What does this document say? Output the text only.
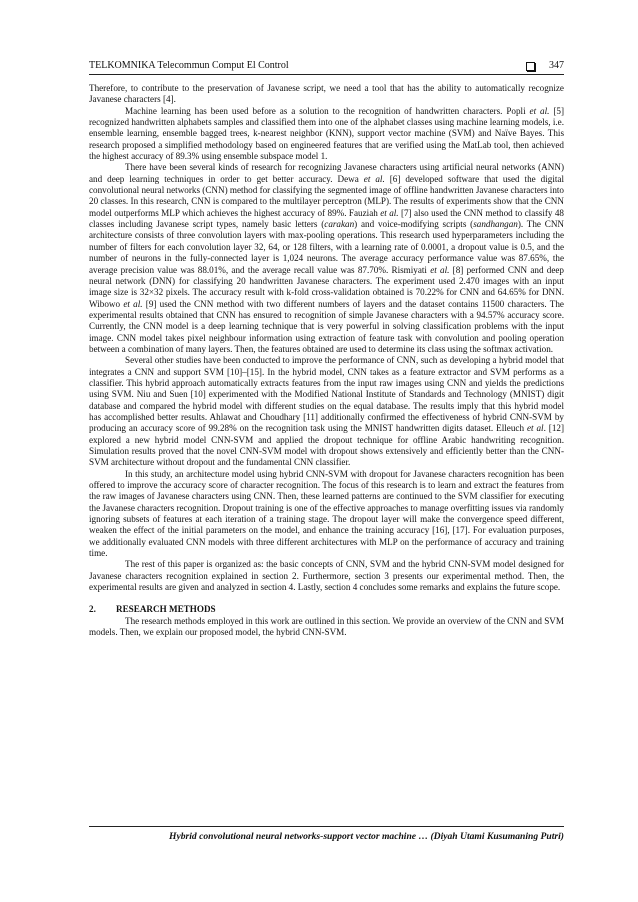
TELKOMNIKA Telecommun Comput El Control	347

Therefore, to contribute to the preservation of Javanese script, we need a tool that has the ability to automatically recognize Javanese characters [4].

Machine learning has been used before as a solution to the recognition of handwritten characters. Popli et al. [5] recognized handwritten alphabets samples and classified them into one of the alphabet classes using machine learning models, i.e. ensemble learning, ensemble bagged trees, k-nearest neighbor (KNN), support vector machine (SVM) and Naïve Bayes. This research proposed a simplified methodology based on engineered features that are verified using the MatLab tool, then achieved the highest accuracy of 89.3% using ensemble subspace model 1.

There have been several kinds of research for recognizing Javanese characters using artificial neural networks (ANN) and deep learning techniques in order to get better accuracy. Dewa et al. [6] developed software that used the digital convolutional neural networks (CNN) method for classifying the segmented image of offline handwritten Javanese characters into 20 classes. In this research, CNN is compared to the multilayer perceptron (MLP). The results of experiments show that the CNN model outperforms MLP which achieves the highest accuracy of 89%. Fauziah et al. [7] also used the CNN method to classify 48 classes including Javanese script types, namely basic letters (carakan) and voice-modifying scripts (sandhangan). The CNN architecture consists of three convolution layers with max-pooling operations. This research used hyperparameters including the number of filters for each convolution layer 32, 64, or 128 filters, with a learning rate of 0.0001, a dropout value is 0.5, and the number of neurons in the fully-connected layer is 1,024 neurons. The average accuracy performance value was 87.65%, the average precision value was 88.01%, and the average recall value was 87.70%. Rismiyati et al. [8] performed CNN and deep neural network (DNN) for classifying 20 handwritten Javanese characters. The experiment used 2.470 images with an input image size is 32×32 pixels. The accuracy result with k-fold cross-validation obtained is 70.22% for CNN and 64.65% for DNN. Wibowo et al. [9] used the CNN method with two different numbers of layers and the dataset contains 11500 characters. The experimental results obtained that CNN has ensured to recognition of simple Javanese characters with a 94.57% accuracy score. Currently, the CNN model is a deep learning technique that is very powerful in solving classification problems with the input image. CNN model takes pixel neighbour information using extraction of feature task with convolution and pooling operation between a combination of many layers. Then, the features obtained are used to determine its class using the softmax activation.

Several other studies have been conducted to improve the performance of CNN, such as developing a hybrid model that integrates a CNN and support SVM [10]–[15]. In the hybrid model, CNN takes as a feature extractor and SVM performs as a classifier. This hybrid approach automatically extracts features from the input raw images using CNN and yields the predictions using SVM. Niu and Suen [10] experimented with the Modified National Institute of Standards and Technology (MNIST) digit database and compared the hybrid model with different studies on the equal database. The results imply that this hybrid model has accomplished better results. Ahlawat and Choudhary [11] additionally confirmed the effectiveness of hybrid CNN-SVM by producing an accuracy score of 99.28% on the recognition task using the MNIST handwritten digits dataset. Elleuch et al. [12] explored a new hybrid model CNN-SVM and applied the dropout technique for offline Arabic handwriting recognition. Simulation results proved that the novel CNN-SVM model with dropout shows extensively and efficiently better than the CNN-SVM architecture without dropout and the fundamental CNN classifier.

In this study, an architecture model using hybrid CNN-SVM with dropout for Javanese characters recognition has been offered to improve the accuracy score of character recognition. The focus of this research is to learn and extract the features from the raw images of Javanese characters using CNN. Then, these learned patterns are continued to the SVM classifier for executing the Javanese characters recognition. Dropout training is one of the effective approaches to manage overfitting issues via randomly ignoring subsets of features at each iteration of a training stage. The dropout layer will make the convergence speed different, weaken the effect of the initial parameters on the model, and enhance the training accuracy [16], [17]. For evaluation purposes, we additionally evaluated CNN models with three different architectures with MLP on the performance of accuracy and training time.

The rest of this paper is organized as: the basic concepts of CNN, SVM and the hybrid CNN-SVM model designed for Javanese characters recognition explained in section 2. Furthermore, section 3 presents our experimental method. Then, the experimental results are given and analyzed in section 4. Lastly, section 4 concludes some remarks and explains the future scope.

2. RESEARCH METHODS

The research methods employed in this work are outlined in this section. We provide an overview of the CNN and SVM models. Then, we explain our proposed model, the hybrid CNN-SVM.

Hybrid convolutional neural networks-support vector machine … (Diyah Utami Kusumaning Putri)
